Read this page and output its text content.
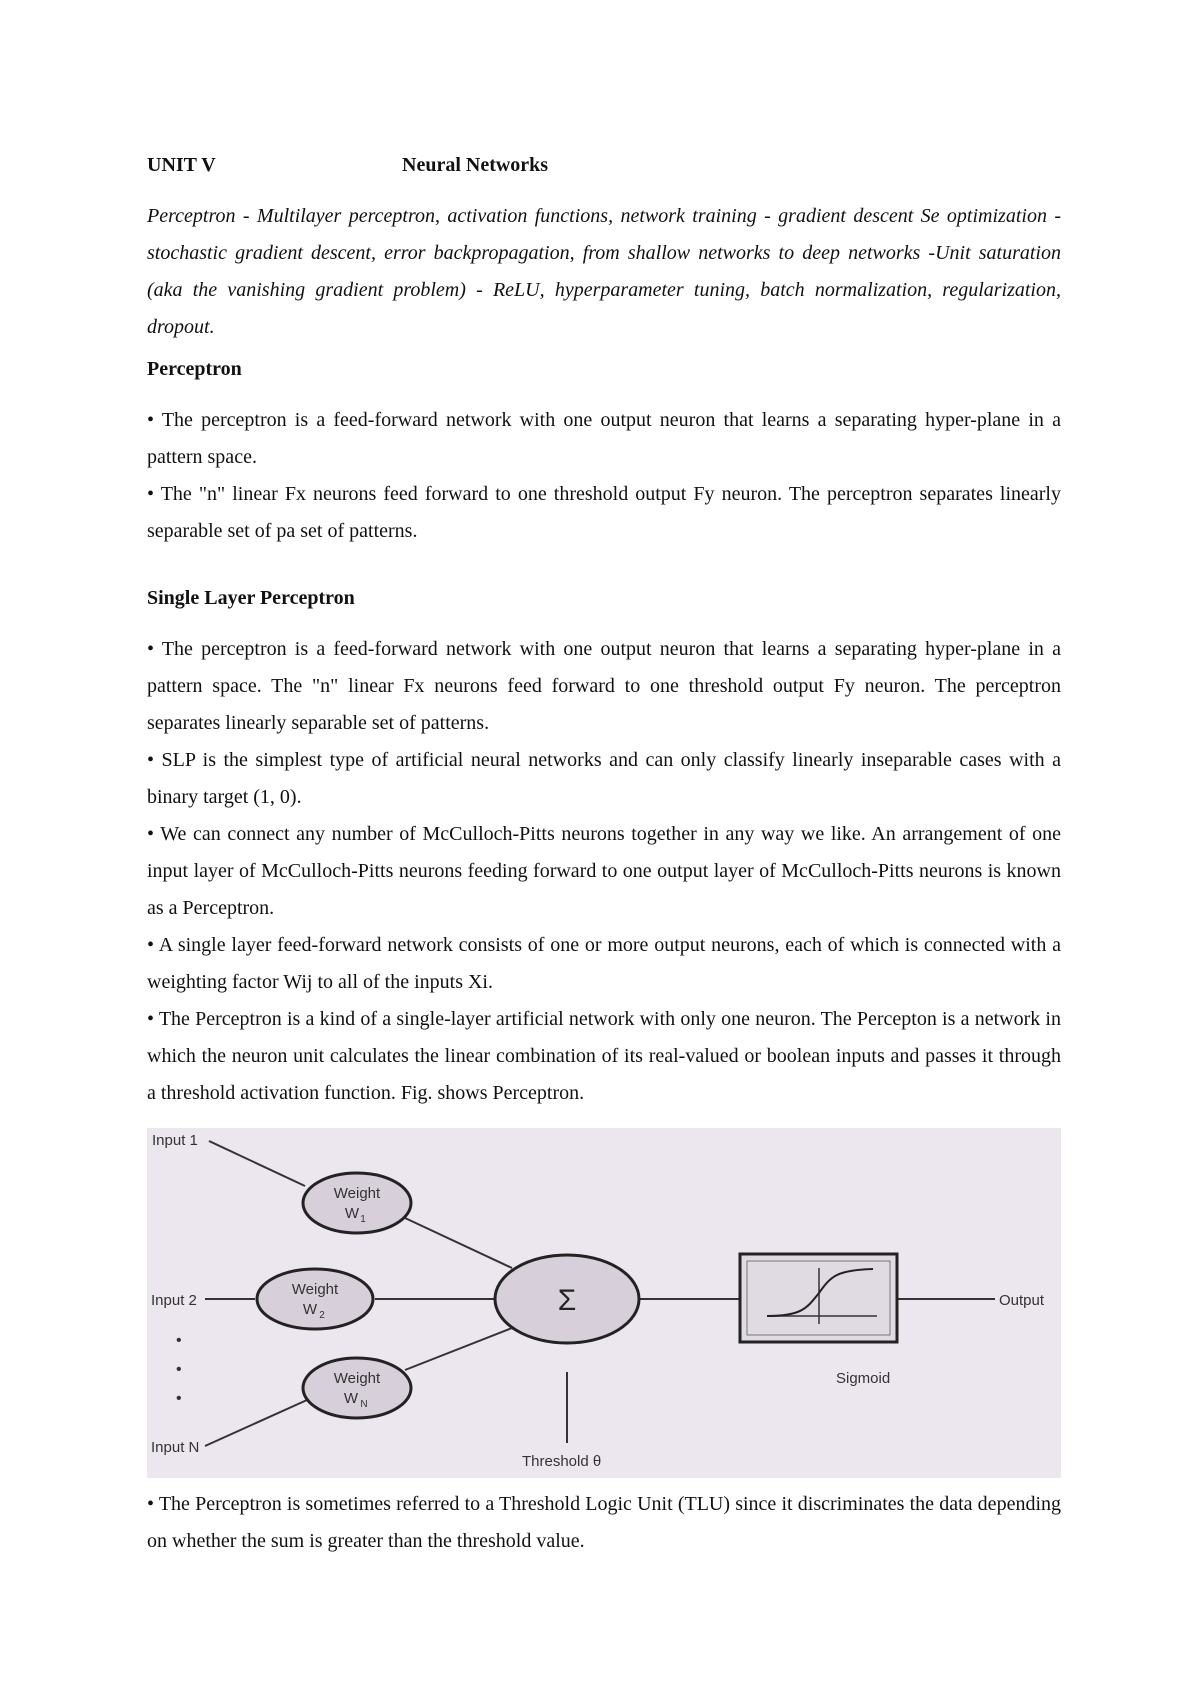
UNIT V	Neural Networks

Perceptron - Multilayer perceptron, activation functions, network training - gradient descent Se optimization - stochastic gradient descent, error backpropagation, from shallow networks to deep networks -Unit saturation (aka the vanishing gradient problem) - ReLU, hyperparameter tuning, batch normalization, regularization, dropout.

Perceptron

• The perceptron is a feed-forward network with one output neuron that learns a separating hyper-plane in a pattern space.

• The "n" linear Fx neurons feed forward to one threshold output Fy neuron. The perceptron separates linearly separable set of pa set of patterns.

Single Layer Perceptron

• The perceptron is a feed-forward network with one output neuron that learns a separating hyper-plane in a pattern space. The "n" linear Fx neurons feed forward to one threshold output Fy neuron. The perceptron separates linearly separable set of patterns.

• SLP is the simplest type of artificial neural networks and can only classify linearly inseparable cases with a binary target (1, 0).

• We can connect any number of McCulloch-Pitts neurons together in any way we like. An arrangement of one input layer of McCulloch-Pitts neurons feeding forward to one output layer of McCulloch-Pitts neurons is known as a Perceptron.

• A single layer feed-forward network consists of one or more output neurons, each of which is connected with a weighting factor Wij to all of the inputs Xi.

• The Perceptron is a kind of a single-layer artificial network with only one neuron. The Percepton is a network in which the neuron unit calculates the linear combination of its real-valued or boolean inputs and passes it through a threshold activation function. Fig. shows Perceptron.

Weight
W 1
Weight
W 2
Weight
W N
Σ
Input 1
Input 2
Input N
•
•
•
Threshold θ
Sigmoid
Output

• The Perceptron is sometimes referred to a Threshold Logic Unit (TLU) since it discriminates the data depending on whether the sum is greater than the threshold value.
